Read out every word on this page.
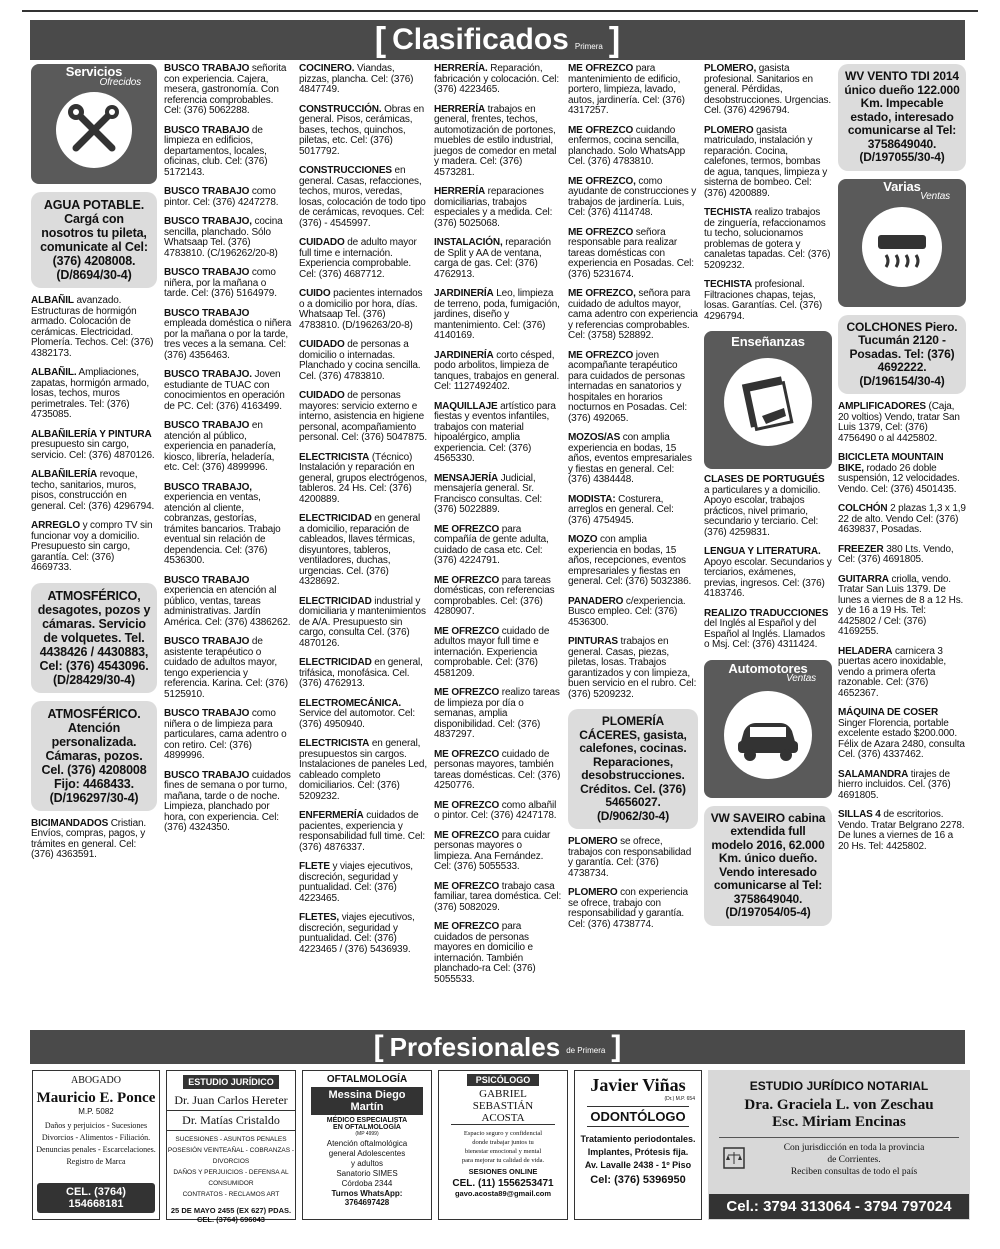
[ Clasificados Primera ]
Servicios
Ofrecidos
AGUA POTABLE. Cargá con nosotros tu pileta, comunicate al Cel: (376) 4208008. (D/8694/30-4)
ALBAÑIL avanzado. Estructuras de hormigón armado. Colocación de cerámicas. Electricidad. Plomería. Techos. Cel: (376) 4382173.
ALBAÑIL. Ampliaciones, zapatas, hormigón armado, losas, techos, muros perimetrales. Tel: (376) 4735085.
ALBAÑILERÍA Y PINTURA presupuesto sin cargo, servicio. Cel: (376) 4870126.
ALBAÑILERÍA revoque, techo, sanitarios, muros, pisos, construcción en general. Cel: (376) 4296794.
ARREGLO y compro TV sin funcionar voy a domicilio. Presupuesto sin cargo, garantía. Cel: (376) 4669733.
ATMOSFÉRICO, desagotes, pozos y cámaras. Servicio de volquetes. Tel. 4438426 / 4430883, Cel: (376) 4543096. (D/28429/30-4)
ATMOSFÉRICO. Atención personalizada. Cámaras, pozos. Cel. (376) 4208008 Fijo: 4468433. (D/196297/30-4)
BICIMANDADOS Cristian. Envíos, compras, pagos, y trámites en general. Cel: (376) 4363591.
BUSCO TRABAJO señorita con experiencia. Cajera, mesera, gastronomía. Con referencia comprobables. Cel: (376) 5062288.
BUSCO TRABAJO de limpieza en edificios, departamentos, locales, oficinas, club. Cel: (376) 5172143.
BUSCO TRABAJO como pintor. Cel: (376) 4247278.
BUSCO TRABAJO, cocina sencilla, planchado. Sólo Whatsaap Tel. (376) 4783810. (C/196262/20-8)
BUSCO TRABAJO como niñera, por la mañana o tarde. Cel: (376) 5164979.
BUSCO TRABAJO empleada doméstica o niñera por la mañana o por la tarde, tres veces a la semana. Cel: (376) 4356463.
BUSCO TRABAJO. Joven estudiante de TUAC con conocimientos en operación de PC. Cel: (376) 4163499.
BUSCO TRABAJO en atención al público, experiencia en panadería, kiosco, librería, heladería, etc. Cel: (376) 4899996.
BUSCO TRABAJO, experiencia en ventas, atención al cliente, cobranzas, gestorías, trámites bancarios. Trabajo eventual sin relación de dependencia. Cel: (376) 4536300.
BUSCO TRABAJO experiencia en atención al público, ventas, tareas administrativas. Jardín América. Cel: (376) 4386262.
BUSCO TRABAJO de asistente terapéutico o cuidado de adultos mayor, tengo experiencia y referencia. Karina. Cel: (376) 5125910.
BUSCO TRABAJO como niñera o de limpieza para particulares, cama adentro o con retiro. Cel: (376) 4899996.
BUSCO TRABAJO cuidados fines de semana o por turno, mañana, tarde o de noche. Limpieza, planchado por hora, con experiencia. Cel: (376) 4324350.
COCINERO. Viandas, pizzas, plancha. Cel: (376) 4847749.
CONSTRUCCIÓN. Obras en general. Pisos, cerámicas, bases, techos, quinchos, piletas, etc. Cel: (376) 5017792.
CONSTRUCCIONES en general. Casas, refacciones, techos, muros, veredas, losas, colocación de todo tipo de cerámicas, revoques. Cel: (376) - 4545997.
CUIDADO de adulto mayor full time e internación. Experiencia comprobable. Cel: (376) 4687712.
CUIDO pacientes internados o a domicilio por hora, días. Whatsaap Tel. (376) 4783810. (D/196263/20-8)
CUIDADO de personas a domicilio o internadas. Planchado y cocina sencilla. Cel. (376) 4783810.
CUIDADO de personas mayores: servicio externo e interno, asistencia en higiene personal, acompañamiento personal. Cel: (376) 5047875.
ELECTRICISTA (Técnico) Instalación y reparación en general, grupos electrógenos, tableros. 24 Hs. Cel: (376) 4200889.
ELECTRICIDAD en general a domicilio, reparación de cableados, llaves térmicas, disyuntores, tableros, ventiladores, duchas, urgencias. Cel. (376) 4328692.
ELECTRICIDAD industrial y domiciliaria y mantenimientos de A/A. Presupuesto sin cargo, consulta Cel. (376) 4870126.
ELECTRICIDAD en general, trifásica, monofásica. Cel. (376) 4762913.
ELECTROMECÁNICA. Service del automotor. Cel: (376) 4950940.
ELECTRICISTA en general, presupuestos sin cargos. Instalaciones de paneles Led, cableado completo domiciliarios. Cel: (376) 5209232.
ENFERMERÍA cuidados de pacientes, experiencia y responsabilidad full time. Cel: (376) 4876337.
FLETE y viajes ejecutivos, discreción, seguridad y puntualidad. Cel: (376) 4223465.
FLETES, viajes ejecutivos, discreción, seguridad y puntualidad. Cel: (376) 4223465 / (376) 5436939.
HERRERÍA. Reparación, fabricación y colocación. Cel: (376) 4223465.
HERRERÍA trabajos en general, frentes, techos, automotización de portones, muebles de estilo industrial, juegos de comedor en metal y madera. Cel: (376) 4573281.
HERRERÍA reparaciones domiciliarias, trabajos especiales y a medida. Cel: (376) 5025068.
INSTALACIÓN, reparación de Split y AA de ventana, carga de gas. Cel: (376) 4762913.
JARDINERÍA Leo, limpieza de terreno, poda, fumigación, jardines, diseño y mantenimiento. Cel: (376) 4140169.
JARDINERÍA corto césped, podo arbolitos, limpieza de tanques, trabajos en general. Cel: 1127492402.
MAQUILLAJE artístico para fiestas y eventos infantiles, trabajos con material hipoalérgico, amplia experiencia. Cel: (376) 4565330.
MENSAJERÍA Judicial, mensajería general. Sr. Francisco consultas. Cel: (376) 5022889.
ME OFREZCO para compañía de gente adulta, cuidado de casa etc. Cel: (376) 4224791.
ME OFREZCO para tareas domésticas, con referencias comprobables. Cel: (376) 4280907.
ME OFREZCO cuidado de adultos mayor full time e internación. Experiencia comprobable. Cel: (376) 4581209.
ME OFREZCO realizo tareas de limpieza por día o semanas, amplia disponibilidad. Cel: (376) 4837297.
ME OFREZCO cuidado de personas mayores, también tareas domésticas. Cel: (376) 4250776.
ME OFREZCO como albañil o pintor. Cel: (376) 4247178.
ME OFREZCO para cuidar personas mayores o limpieza. Ana Fernández. Cel: (376) 5055533.
ME OFREZCO trabajo casa familiar, tarea doméstica. Cel: (376) 5082029.
ME OFREZCO para cuidados de personas mayores en domicilio e internación. También planchado-ra Cel: (376) 5055533.
ME OFREZCO para mantenimiento de edificio, portero, limpieza, lavado, autos, jardinería. Cel: (376) 4317257.
ME OFREZCO cuidando enfermos, cocina sencilla, planchado. Solo WhatsApp Cel. (376) 4783810.
ME OFREZCO, como ayudante de construcciones y trabajos de jardinería. Luis, Cel: (376) 4114748.
ME OFREZCO señora responsable para realizar tareas domésticas con experiencia en Posadas. Cel: (376) 5231674.
ME OFREZCO, señora para cuidado de adultos mayor, cama adentro con experiencia y referencias comprobables. Cel: (3758) 528892.
ME OFREZCO joven acompañante terapéutico para cuidados de personas internadas en sanatorios y hospitales en horarios nocturnos en Posadas. Cel: (376) 492065.
MOZOS/AS con amplia experiencia en bodas, 15 años, eventos empresariales y fiestas en general. Cel: (376) 4384448.
MODISTA: Costurera, arreglos en general. Cel: (376) 4754945.
MOZO con amplia experiencia en bodas, 15 años, recepciones, eventos empresariales y fiestas en general. Cel: (376) 5032386.
PANADERO c/experiencia. Busco empleo. Cel: (376) 4536300.
PINTURAS trabajos en general. Casas, piezas, piletas, losas. Trabajos garantizados y con limpieza, buen servicio en el rubro. Cel: (376) 5209232.
PLOMERÍA CÁCERES, gasista, calefones, cocinas. Reparaciones, desobstrucciones. Créditos. Cel. (376) 54656027. (D/9062/30-4)
PLOMERO se ofrece, trabajos con responsabilidad y garantía. Cel: (376) 4738734.
PLOMERO con experiencia se ofrece, trabajo con responsabilidad y garantía. Cel: (376) 4738774.
PLOMERO, gasista profesional. Sanitarios en general. Pérdidas, desobstrucciones. Urgencias. Cel. (376) 4296794.
PLOMERO gasista matriculado, instalación y reparación. Cocina, calefones, termos, bombas de agua, tanques, limpieza y sisterna de bombeo. Cel: (376) 4200889.
TECHISTA realizo trabajos de zinguería, refaccionamos tu techo, solucionamos problemas de gotera y canaletas tapadas. Cel: (376) 5209232.
TECHISTA profesional. Filtraciones chapas, tejas, losas. Garantías. Cel. (376) 4296794.
Enseñanzas
CLASES DE PORTUGUÉS a particulares y a domicilio. Apoyo escolar, trabajos prácticos, nivel primario, secundario y terciario. Cel: (376) 4259831.
LENGUA Y LITERATURA. Apoyo escolar. Secundarios y terciarios, exámenes, previas, ingresos. Cel: (376) 4183746.
REALIZO TRADUCCIONES del Inglés al Español y del Español al Inglés. Llamados o Msj. Cel: (376) 4311424.
Automotores
Ventas
VW SAVEIRO cabina extendida full modelo 2016, 62.000 Km. único dueño. Vendo interesado comunicarse al Tel: 3758649040. (D/197054/05-4)
WV VENTO TDI 2014 único dueño 122.000 Km. Impecable estado, interesado comunicarse al Tel: 3758649040. (D/197055/30-4)
Varias
Ventas
COLCHONES Piero. Tucumán 2120 - Posadas. Tel: (376) 4692222. (D/196154/30-4)
AMPLIFICADORES (Caja, 20 voltios) Vendo, tratar San Luis 1379, Cel: (376) 4756490 o al 4425802.
BICICLETA MOUNTAIN BIKE, rodado 26 doble suspensión, 12 velocidades. Vendo. Cel: (376) 4501435.
COLCHÓN 2 plazas 1,3 x 1,9 22 de alto. Vendo Cel: (376) 4639837, Posadas.
FREEZER 380 Lts. Vendo, Cel: (376) 4691805.
GUITARRA criolla, vendo. Tratar San Luis 1379. De lunes a viernes de 8 a 12 Hs. y de 16 a 19 Hs. Tel: 4425802 / Cel: (376) 4169255.
HELADERA carnicera 3 puertas acero inoxidable, vendo a primera oferta razonable. Cel: (376) 4652367.
MÁQUINA DE COSER Singer Florencia, portable excelente estado $200.000. Félix de Azara 2480, consulta Cel. (376) 4337462.
SALAMANDRA tirajes de hierro incluidos. Cel. (376) 4691805.
SILLAS 4 de escritorios. Vendo. Tratar Belgrano 2278. De lunes a viernes de 16 a 20 Hs. Tel: 4425802.
[ Profesionales de Primera ]
ABOGADO
Mauricio E. Ponce
M.P. 5082
Daños y perjuicios - Sucesiones
Divorcios - Alimentos - Filiación.
Denuncias penales - Escarcelaciones.
Registro de Marca
CEL. (3764) 154668181
ESTUDIO JURÍDICO
Dr. Juan Carlos Hereter
Dr. Matías Cristaldo
SUCESIONES - ASUNTOS PENALES
POSESIÓN VEINTEAÑAL - COBRANZAS - DIVORCIOS
DAÑOS Y PERJUICIOS - DEFENSA AL CONSUMIDOR
CONTRATOS - RECLAMOS ART
25 DE MAYO 2455 (EX 627) PDAS.
CEL. (3764) 696043
OFTALMOLOGÍA
Messina Diego Martín
MÉDICO ESPECIALISTA
EN OFTALMOLOGÍA
(MP 4999)
Atención oftalmológica
general Adolescentes
y adultos
Sanatorio SIMES
Córdoba 2344
Turnos WhatsApp:
3764697428
PSICÓLOGO
GABRIEL SEBASTIÁN ACOSTA
Espacio seguro y confidencial
donde trabajar juntos tu
bienestar emocional y mental
para mejorar tu calidad de vida.
SESIONES ONLINE
CEL. (11) 1556253471
gavo.acosta89@gmail.com
Javier Viñas
(Dr.) M.P. 654
ODONTÓLOGO
Tratamiento periodontales.
Implantes, Prótesis fija.
Av. Lavalle 2438 - 1º Piso
Cel: (376) 5396950
ESTUDIO JURÍDICO NOTARIAL
Dra. Graciela L. von Zeschau
Esc. Miriam Encinas
Con jurisdicción en toda la provincia
de Corrientes.
Reciben consultas de todo el país
Cel.: 3794 313064 - 3794 797024
